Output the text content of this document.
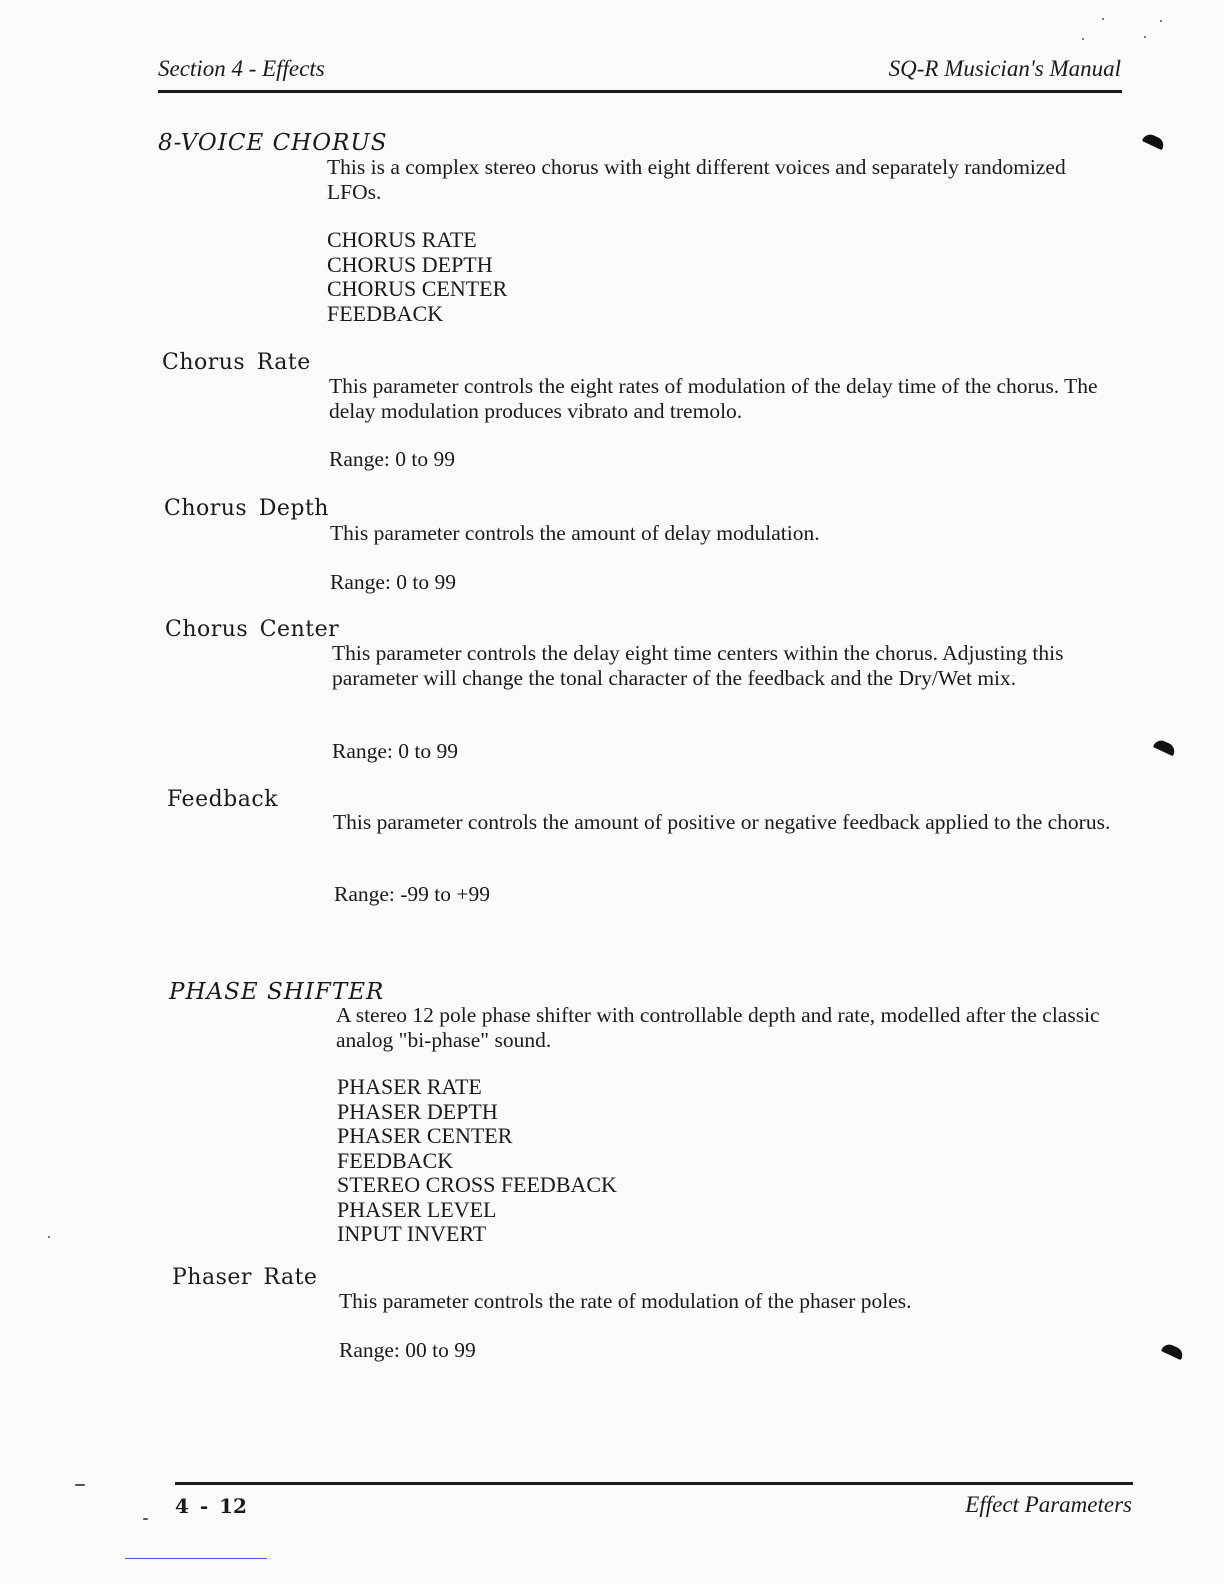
Section 4 - Effects	SQ-R Musician's Manual
8-VOICE CHORUS

This is a complex stereo chorus with eight different voices and separately randomized LFOs.

CHORUS RATE
CHORUS DEPTH
CHORUS CENTER
FEEDBACK
Chorus Rate

This parameter controls the eight rates of modulation of the delay time of the chorus. The delay modulation produces vibrato and tremolo.

Range: 0 to 99
Chorus Depth
This parameter controls the amount of delay modulation.
Range: 0 to 99
Chorus Center

This parameter controls the delay eight time centers within the chorus. Adjusting this parameter will change the tonal character of the feedback and the Dry/Wet mix.

Range: 0 to 99
Feedback

This parameter controls the amount of positive or negative feedback applied to the chorus.

Range: -99 to +99
PHASE SHIFTER

A stereo 12 pole phase shifter with controllable depth and rate, modelled after the classic analog "bi-phase" sound.

PHASER RATE
PHASER DEPTH
PHASER CENTER
FEEDBACK
STEREO CROSS FEEDBACK
PHASER LEVEL
INPUT INVERT
Phaser Rate
This parameter controls the rate of modulation of the phaser poles.
Range: 00 to 99
4 - 12	Effect Parameters
